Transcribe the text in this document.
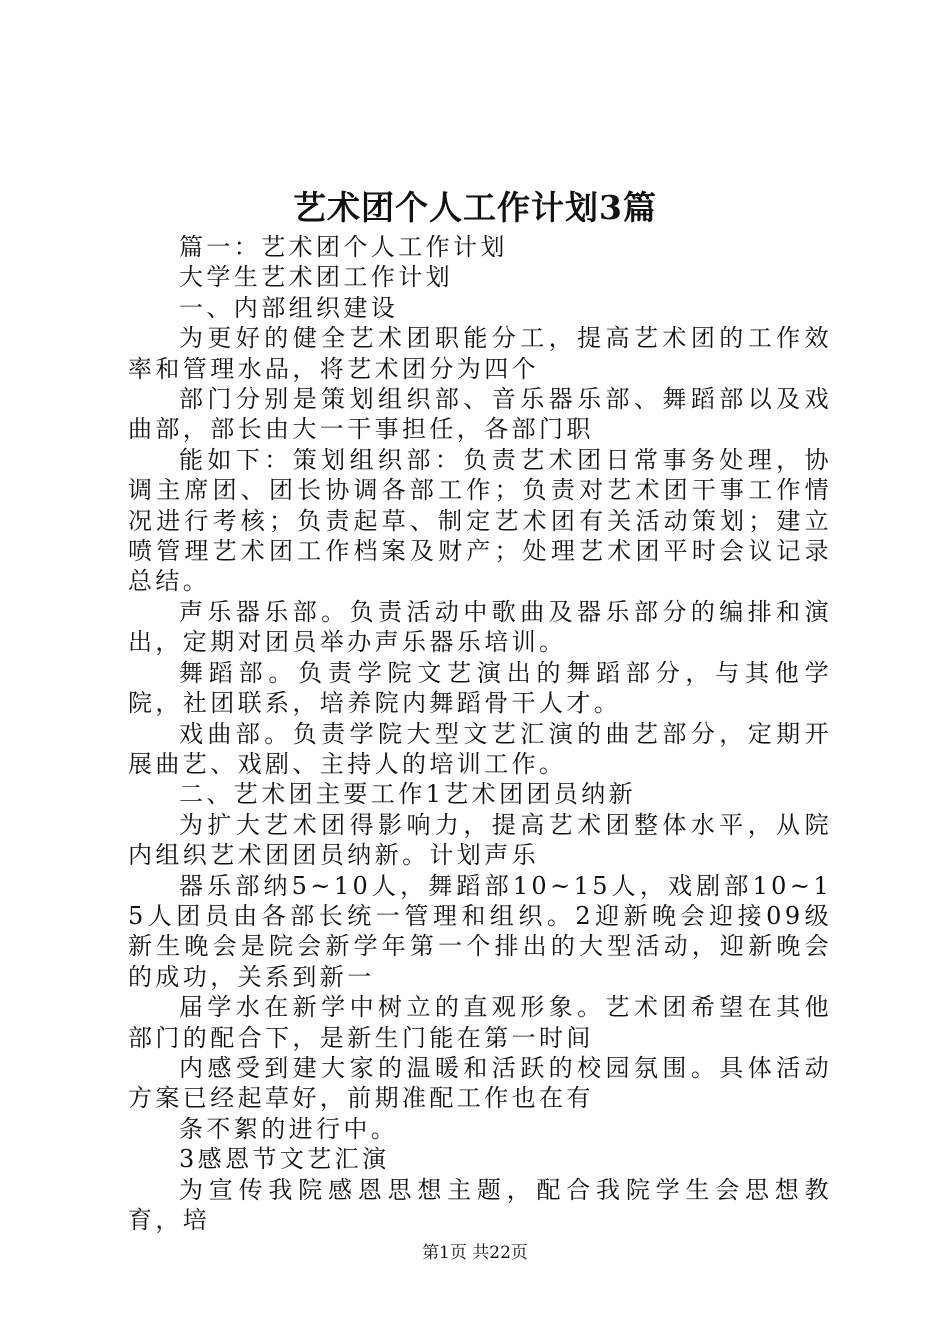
艺术团个人工作计划3篇

篇一：艺术团个人工作计划

大学生艺术团工作计划

一、内部组织建设

为更好的健全艺术团职能分工，提高艺术团的工作效率和管理水品，将艺术团分为四个

部门分别是策划组织部、音乐器乐部、舞蹈部以及戏曲部，部长由大一干事担任，各部门职

能如下：策划组织部：负责艺术团日常事务处理，协调主席团、团长协调各部工作；负责对艺术团干事工作情况进行考核；负责起草、制定艺术团有关活动策划；建立喷管理艺术团工作档案及财产；处理艺术团平时会议记录总结。

声乐器乐部。负责活动中歌曲及器乐部分的编排和演出，定期对团员举办声乐器乐培训。

舞蹈部。负责学院文艺演出的舞蹈部分，与其他学院，社团联系，培养院内舞蹈骨干人才。

戏曲部。负责学院大型文艺汇演的曲艺部分，定期开展曲艺、戏剧、主持人的培训工作。

二、艺术团主要工作1艺术团团员纳新

为扩大艺术团得影响力，提高艺术团整体水平，从院内组织艺术团团员纳新。计划声乐

器乐部纳5~10人，舞蹈部10~15人，戏剧部10~15人团员由各部长统一管理和组织。2迎新晚会迎接09级新生晚会是院会新学年第一个排出的大型活动，迎新晚会的成功，关系到新一

届学水在新学中树立的直观形象。艺术团希望在其他部门的配合下，是新生门能在第一时间

内感受到建大家的温暖和活跃的校园氛围。具体活动方案已经起草好，前期准配工作也在有

条不絮的进行中。

3感恩节文艺汇演

为宣传我院感恩思想主题，配合我院学生会思想教育，培

第1页 共22页
